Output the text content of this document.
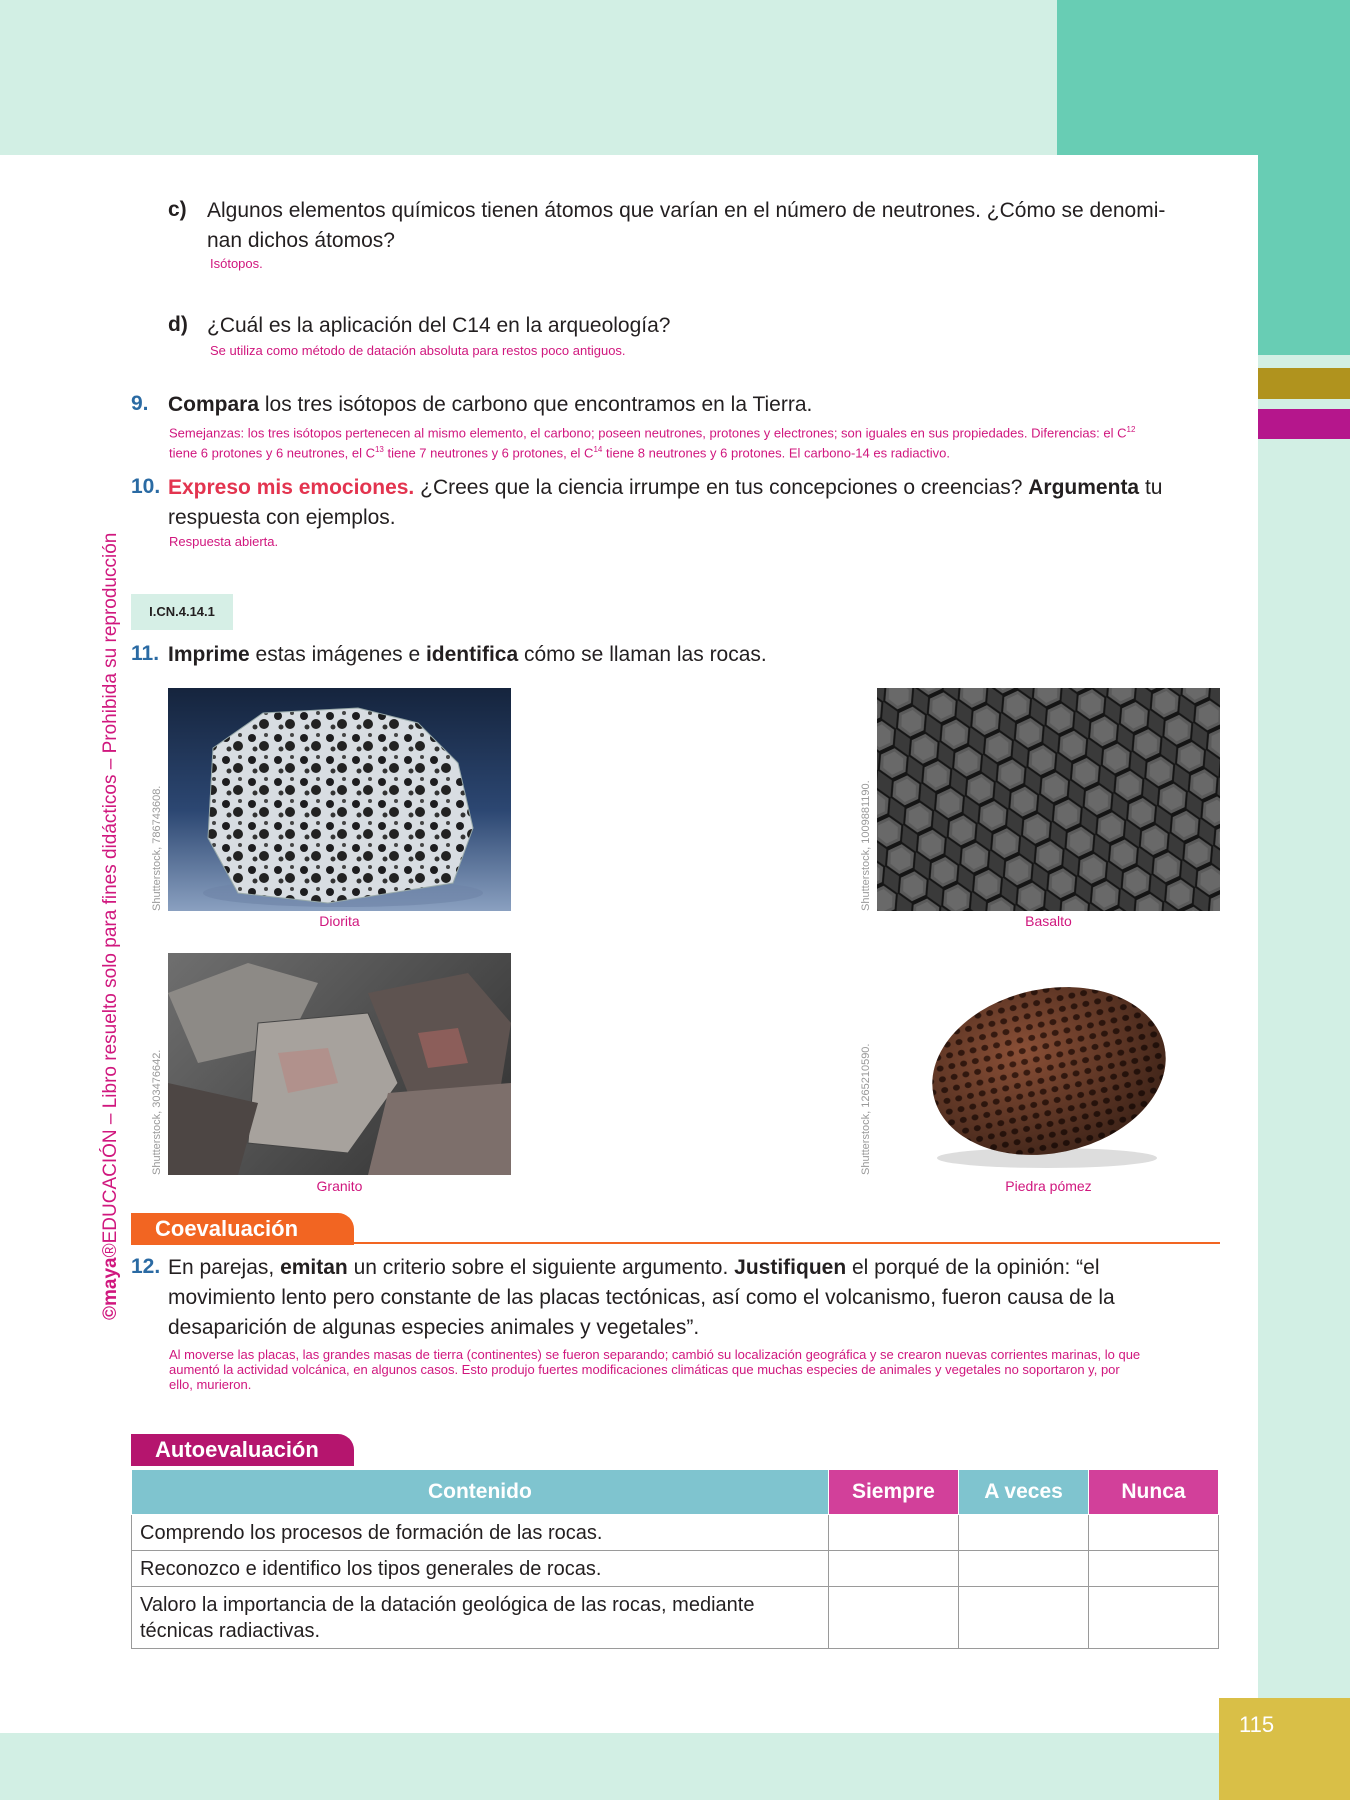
115
©maya®EDUCACIÓN – Libro resuelto solo para fines didácticos – Prohibida su reproducción
c) Algunos elementos químicos tienen átomos que varían en el número de neutrones. ¿Cómo se denomi-
nan dichos átomos?
Isótopos.
d) ¿Cuál es la aplicación del C14 en la arqueología?
Se utiliza como método de datación absoluta para restos poco antiguos.
9. Compara los tres isótopos de carbono que encontramos en la Tierra.
Semejanzas: los tres isótopos pertenecen al mismo elemento, el carbono; poseen neutrones, protones y electrones; son iguales en sus propiedades. Diferencias: el $C^{12}$
tiene 6 protones y 6 neutrones, el $C^{13}$ tiene 7 neutrones y 6 protones, el $C^{14}$ tiene 8 neutrones y 6 protones. El carbono-14 es radiactivo.
10. Expreso mis emociones. ¿Crees que la ciencia irrumpe en tus concepciones o creencias? Argumenta tu
respuesta con ejemplos.
Respuesta abierta.
I.CN.4.14.1
11. Imprime estas imágenes e identifica cómo se llaman las rocas.
Shutterstock, 786743608.
Diorita
Shutterstock, 1009881190.
Basalto
Shutterstock, 303476642.
Granito
Shutterstock, 1265210590.
Piedra pómez
Coevaluación
12. En parejas, emitan un criterio sobre el siguiente argumento. Justifiquen el porqué de la opinión: “el
movimiento lento pero constante de las placas tectónicas, así como el volcanismo, fueron causa de la
desaparición de algunas especies animales y vegetales”.
Al moverse las placas, las grandes masas de tierra (continentes) se fueron separando; cambió su localización geográfica y se crearon nuevas corrientes marinas, lo que
aumentó la actividad volcánica, en algunos casos. Esto produjo fuertes modificaciones climáticas que muchas especies de animales y vegetales no soportaron y, por
ello, murieron.
Autoevaluación
Contenido	Siempre	A veces	Nunca
Comprendo los procesos de formación de las rocas.			
Reconozco e identifico los tipos generales de rocas.			
Valoro la importancia de la datación geológica de las rocas, mediante técnicas radiactivas.			
